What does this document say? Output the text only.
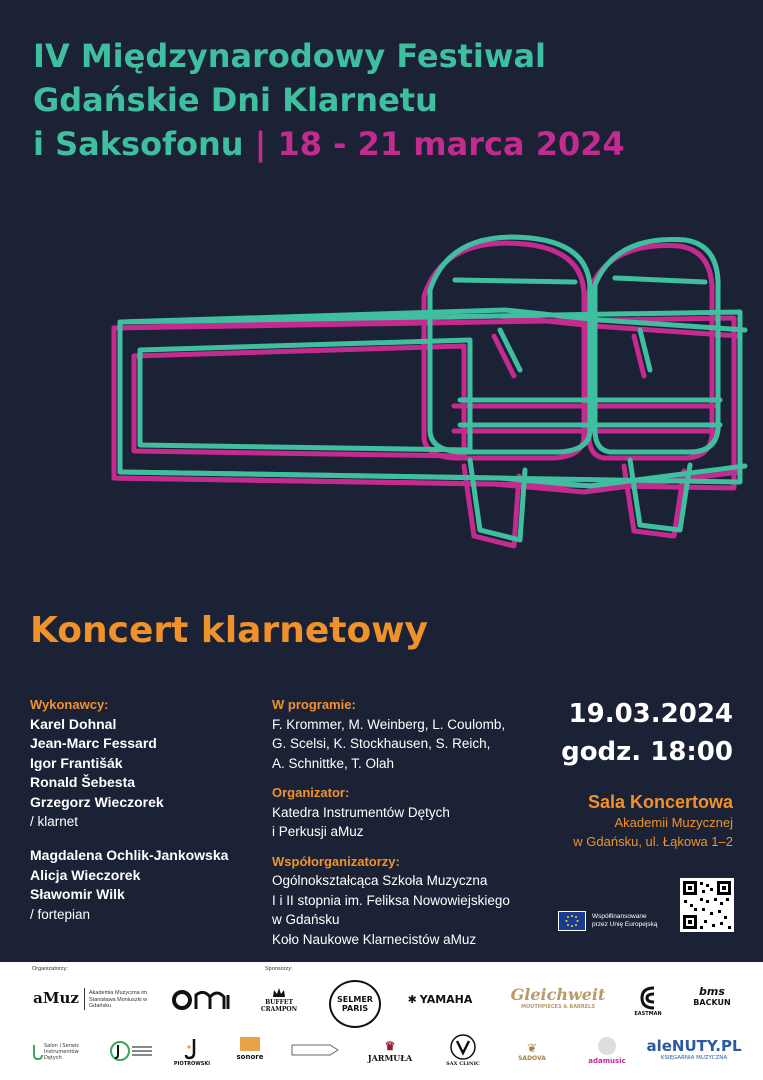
IV Międzynarodowy Festiwal
Gdańskie Dni Klarnetu
i Saksofonu | 18 - 21 marca 2024
Koncert klarnetowy
Wykonawcy:
Karel Dohnal
Jean-Marc Fessard
Igor Františák
Ronald Šebesta
Grzegorz Wieczorek
/ klarnet
Magdalena Ochlik-Jankowska
Alicja Wieczorek
Sławomir Wilk
/ fortepian
W programie:
F. Krommer, M. Weinberg, L. Coulomb,
G. Scelsi, K. Stockhausen, S. Reich,
A. Schnittke, T. Olah
Organizator:
Katedra Instrumentów Dętych
i Perkusji aMuz
Współorganizatorzy:
Ogólnokształcąca Szkoła Muzyczna
I i II stopnia im. Feliksa Nowowiejskiego
w Gdańsku
Koło Naukowe Klarnecistów aMuz
19.03.2024
godz. 18:00
Sala Koncertowa
Akademii Muzycznej
w Gdańsku, ul. Łąkowa 1–2
Współfinansowane przez Unię Europejską
Organizatorzy:	Sponsorzy:
aMuz	Akademia Muzyczna im. Stanisława Moniuszki w Gdańsku	BUFFET CRAMPON
SELMER PARIS
✱ YAMAHA Gleichweit
MOUTHPIECES & BARRELS
EASTMAN
bms
BACKUN
Salon i Serwis Instrumentów Dętych
PIOTROWSKI
sonore
♛
JARMUŁA
SAX CLINIC
❦
SADOVA	adamusic
aleNUTY.PL
KSIĘGARNIA MUZYCZNA
